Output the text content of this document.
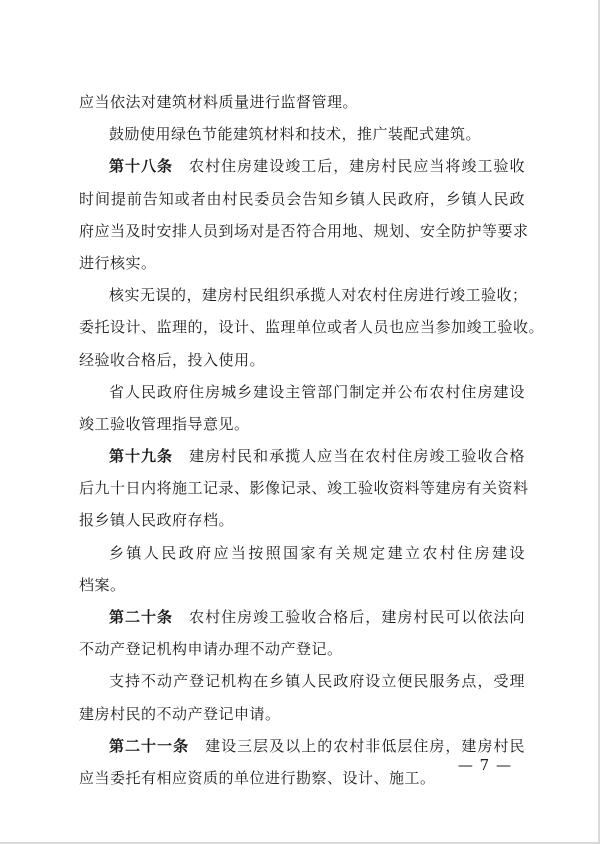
应当依法对建筑材料质量进行监督管理。
鼓励使用绿色节能建筑材料和技术，推广装配式建筑。
第十八条 农村住房建设竣工后，建房村民应当将竣工验收
时间提前告知或者由村民委员会告知乡镇人民政府，乡镇人民政
府应当及时安排人员到场对是否符合用地、规划、安全防护等要求
进行核实。
核实无误的，建房村民组织承揽人对农村住房进行竣工验收；
委托设计、监理的，设计、监理单位或者人员也应当参加竣工验收。
经验收合格后，投入使用。
省人民政府住房城乡建设主管部门制定并公布农村住房建设
竣工验收管理指导意见。
第十九条 建房村民和承揽人应当在农村住房竣工验收合格
后九十日内将施工记录、影像记录、竣工验收资料等建房有关资料
报乡镇人民政府存档。
乡镇人民政府应当按照国家有关规定建立农村住房建设
档案。
第二十条 农村住房竣工验收合格后，建房村民可以依法向
不动产登记机构申请办理不动产登记。
支持不动产登记机构在乡镇人民政府设立便民服务点，受理
建房村民的不动产登记申请。
第二十一条 建设三层及以上的农村非低层住房，建房村民
应当委托有相应资质的单位进行勘察、设计、施工。
— 7 —
